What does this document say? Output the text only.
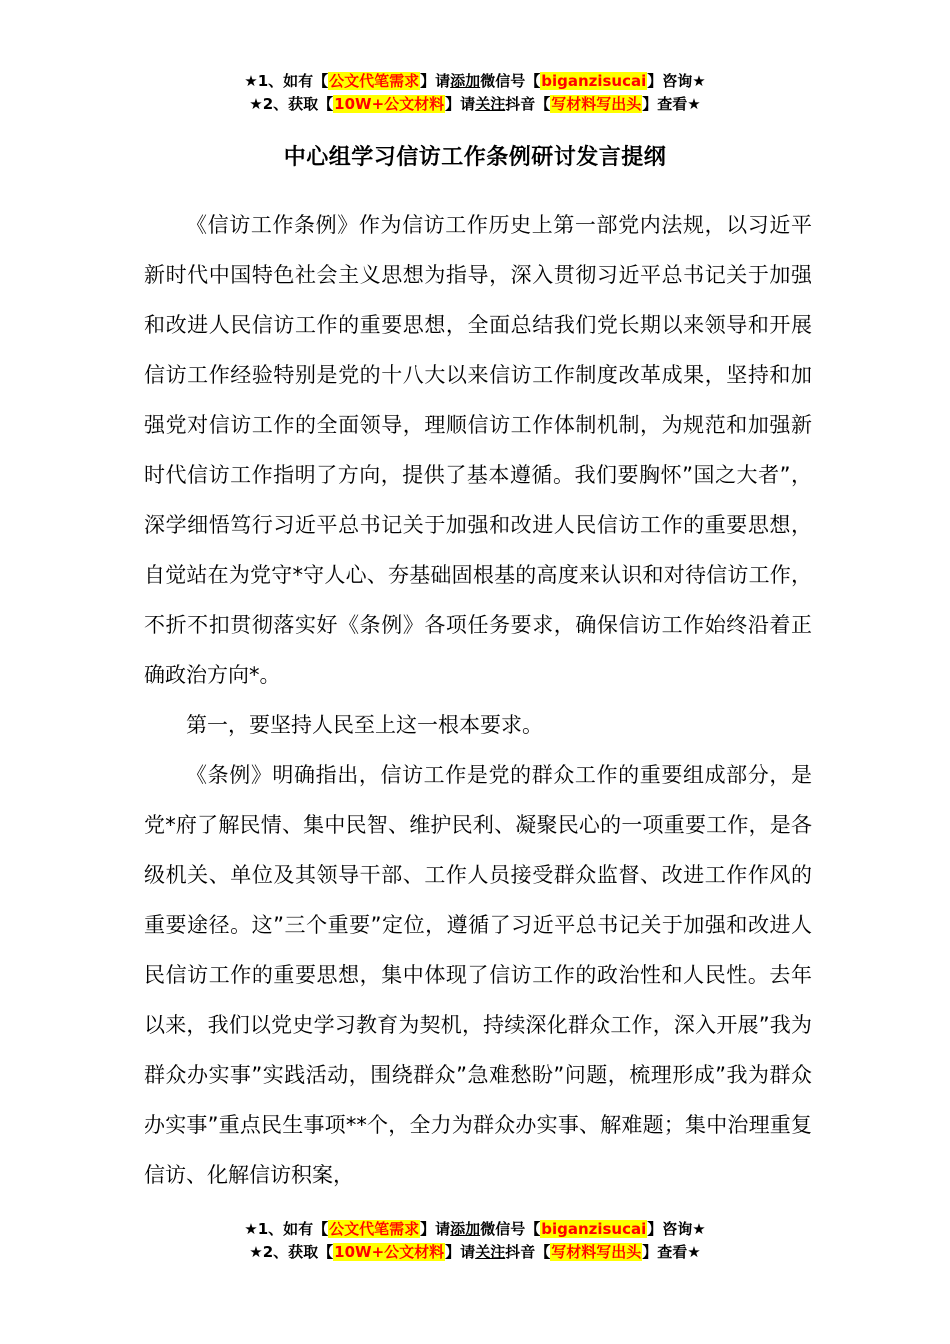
★1、如有【公文代笔需求】请添加微信号【biganzisucai】咨询★
★2、获取【10W+公文材料】请关注抖音【写材料写出头】查看★
中心组学习信访工作条例研讨发言提纲

《信访工作条例》作为信访工作历史上第一部党内法规，以习近平新时代中国特色社会主义思想为指导，深入贯彻习近平总书记关于加强和改进人民信访工作的重要思想，全面总结我们党长期以来领导和开展信访工作经验特别是党的十八大以来信访工作制度改革成果，坚持和加强党对信访工作的全面领导，理顺信访工作体制机制，为规范和加强新时代信访工作指明了方向，提供了基本遵循。我们要胸怀”国之大者”，深学细悟笃行习近平总书记关于加强和改进人民信访工作的重要思想，自觉站在为党守*守人心、夯基础固根基的高度来认识和对待信访工作，不折不扣贯彻落实好《条例》各项任务要求，确保信访工作始终沿着正确政治方向*。

第一，要坚持人民至上这一根本要求。

《条例》明确指出，信访工作是党的群众工作的重要组成部分，是党*府了解民情、集中民智、维护民利、凝聚民心的一项重要工作，是各级机关、单位及其领导干部、工作人员接受群众监督、改进工作作风的重要途径。这”三个重要”定位，遵循了习近平总书记关于加强和改进人民信访工作的重要思想，集中体现了信访工作的政治性和人民性。去年以来，我们以党史学习教育为契机，持续深化群众工作，深入开展”我为群众办实事”实践活动，围绕群众”急难愁盼”问题，梳理形成”我为群众办实事”重点民生事项**个，全力为群众办实事、解难题；集中治理重复信访、化解信访积案，

★1、如有【公文代笔需求】请添加微信号【biganzisucai】咨询★
★2、获取【10W+公文材料】请关注抖音【写材料写出头】查看★
